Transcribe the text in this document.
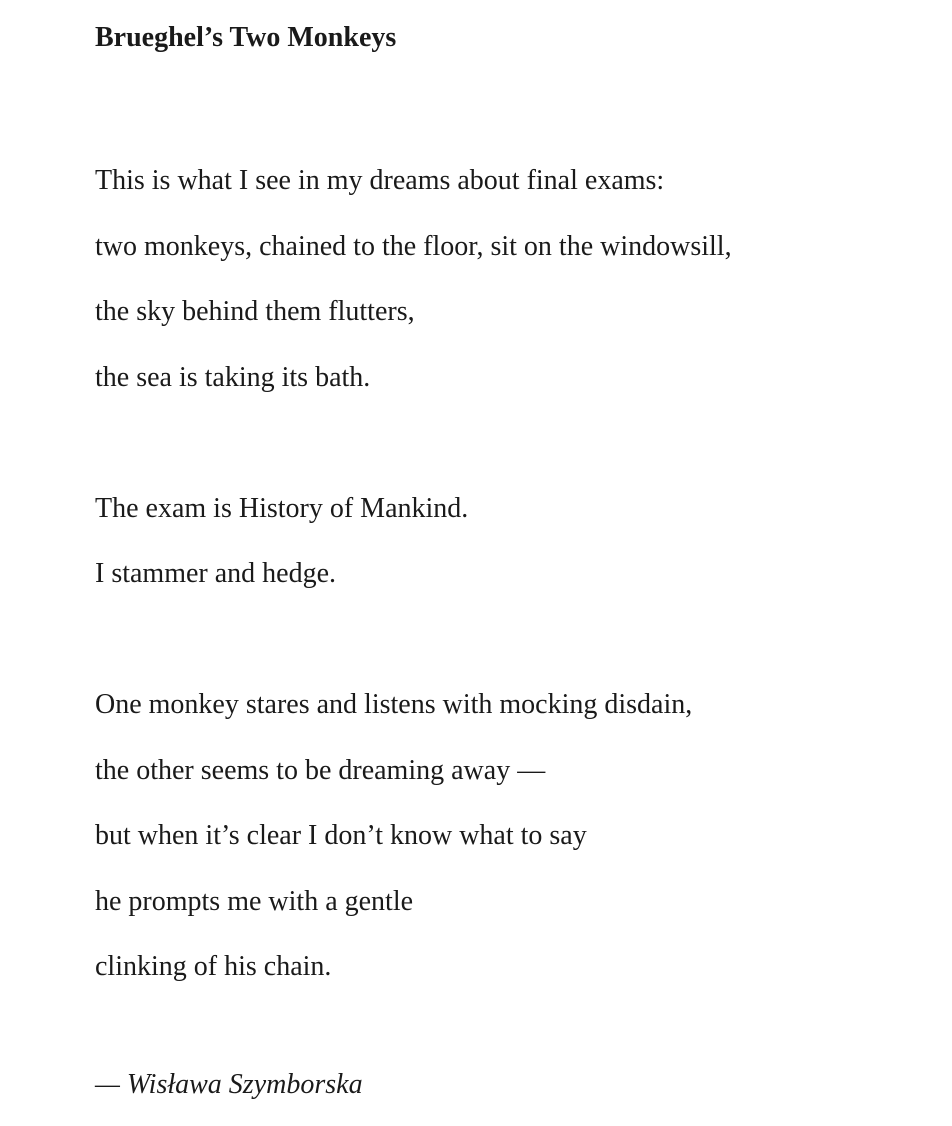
Brueghel’s Two Monkeys
This is what I see in my dreams about final exams:
two monkeys, chained to the floor, sit on the windowsill,
the sky behind them flutters,
the sea is taking its bath.
The exam is History of Mankind.
I stammer and hedge.
One monkey stares and listens with mocking disdain,
the other seems to be dreaming away —
but when it’s clear I don’t know what to say
he prompts me with a gentle
clinking of his chain.
— Wisława Szymborska
